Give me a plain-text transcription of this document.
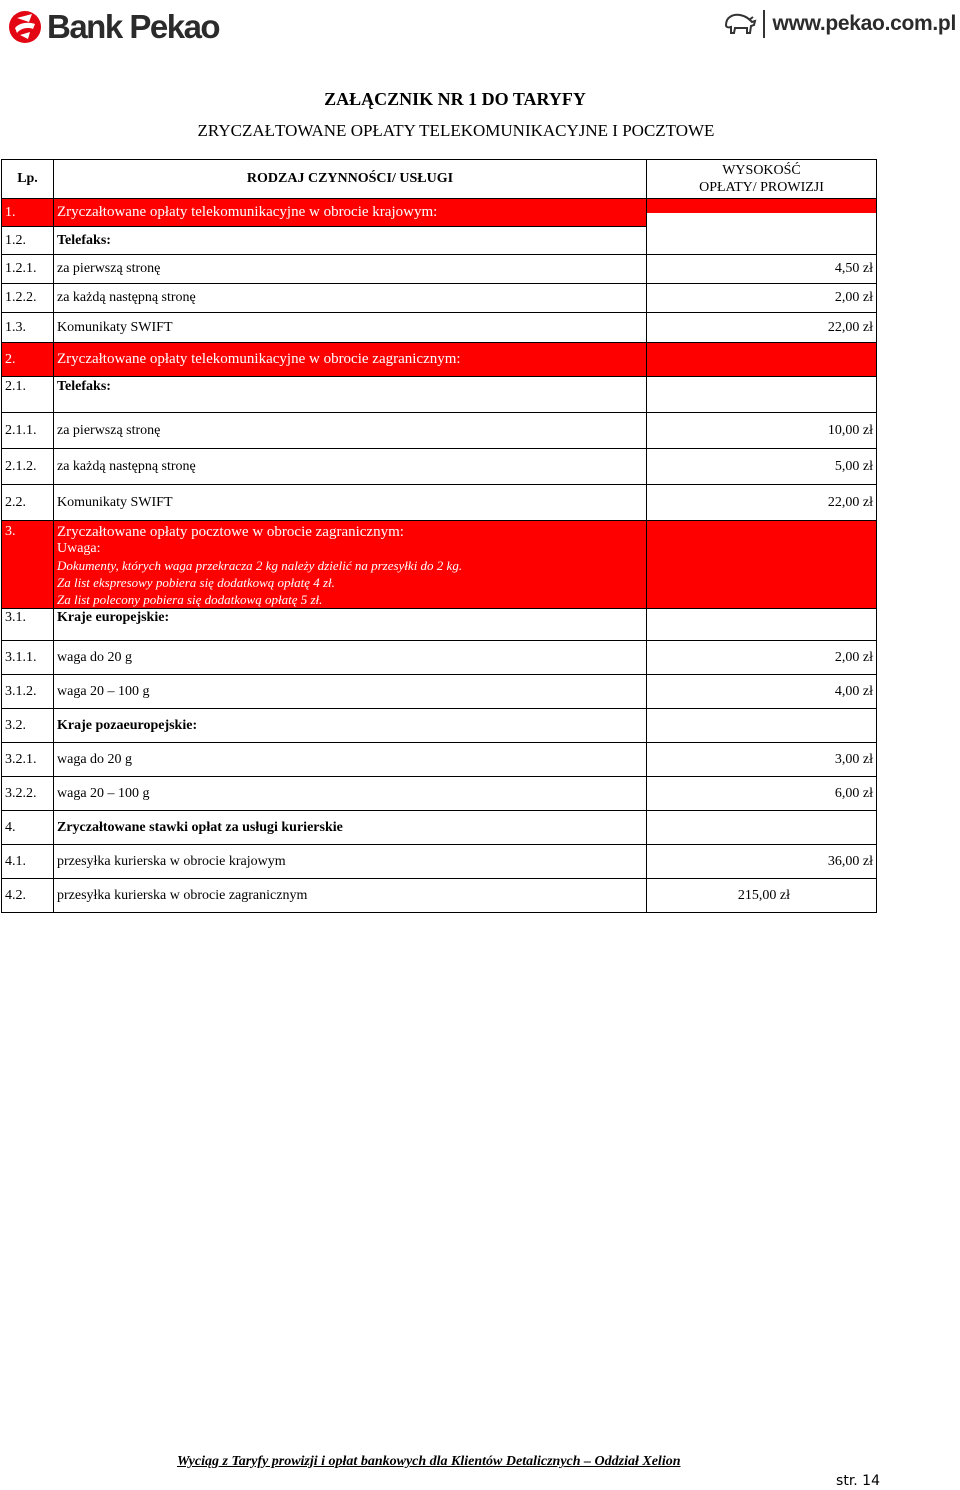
Bank Pekao	www.pekao.com.pl
ZAŁĄCZNIK NR 1 DO TARYFY
ZRYCZAŁTOWANE OPŁATY TELEKOMUNIKACYJNE I POCZTOWE
Lp.	RODZAJ CZYNNOŚCI/ USŁUGI	WYSOKOŚĆ
OPŁATY/ PROWIZJI
1.	Zryczałtowane opłaty telekomunikacyjne w obrocie krajowym:	
1.2.	Telefaks:	
1.2.1.	za pierwszą stronę	4,50 zł
1.2.2.	za każdą następną stronę	2,00 zł
1.3.	Komunikaty SWIFT	22,00 zł
2.	Zryczałtowane opłaty telekomunikacyjne w obrocie zagranicznym:	
2.1.	Telefaks:	
2.1.1.	za pierwszą stronę	10,00 zł
2.1.2.	za każdą następną stronę	5,00 zł
2.2.	Komunikaty SWIFT	22,00 zł
3.	Zryczałtowane opłaty pocztowe w obrocie zagranicznym:
Uwaga:
Dokumenty, których waga przekracza 2 kg należy dzielić na przesyłki do 2 kg.
Za list ekspresowy pobiera się dodatkową opłatę 4 zł.
Za list polecony pobiera się dodatkową opłatę 5 zł.	

3.1.	Kraje europejskie:	
3.1.1.	waga do 20 g	2,00 zł
3.1.2.	waga 20 – 100 g	4,00 zł
3.2.	Kraje pozaeuropejskie:	
3.2.1.	waga do 20 g	3,00 zł
3.2.2.	waga 20 – 100 g	6,00 zł
4.	Zryczałtowane stawki opłat za usługi kurierskie	
4.1.	przesyłka kurierska w obrocie krajowym	36,00 zł
4.2.	przesyłka kurierska w obrocie zagranicznym	215,00 zł
Wyciąg z Taryfy prowizji i opłat bankowych dla Klientów Detalicznych – Oddział Xelion
str. 14
